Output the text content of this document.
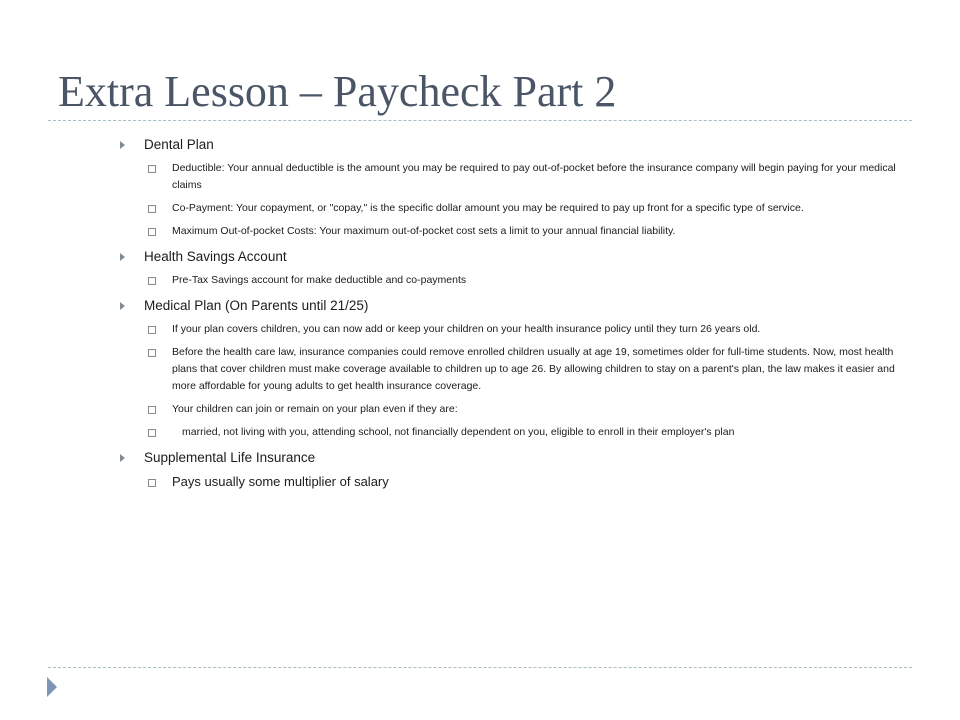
Extra Lesson – Paycheck Part 2
Dental Plan
Deductible: Your annual deductible is the amount you may be required to pay out-of-pocket before the insurance company will begin paying for your medical claims
Co-Payment: Your copayment, or "copay," is the specific dollar amount you may be required to pay up front for a specific type of service.
Maximum Out-of-pocket Costs: Your maximum out-of-pocket cost sets a limit to your annual financial liability.
Health Savings Account
Pre-Tax Savings account for make deductible and co-payments
Medical Plan (On Parents until 21/25)
If your plan covers children, you can now add or keep your children on your health insurance policy until they turn 26 years old.
Before the health care law, insurance companies could remove enrolled children usually at age 19, sometimes older for full-time students. Now, most health plans that cover children must make coverage available to children up to age 26. By allowing children to stay on a parent's plan, the law makes it easier and more affordable for young adults to get health insurance coverage.
Your children can join or remain on your plan even if they are:
married, not living with you, attending school, not financially dependent on you, eligible to enroll in their employer's plan
Supplemental Life Insurance
Pays usually some multiplier of salary
